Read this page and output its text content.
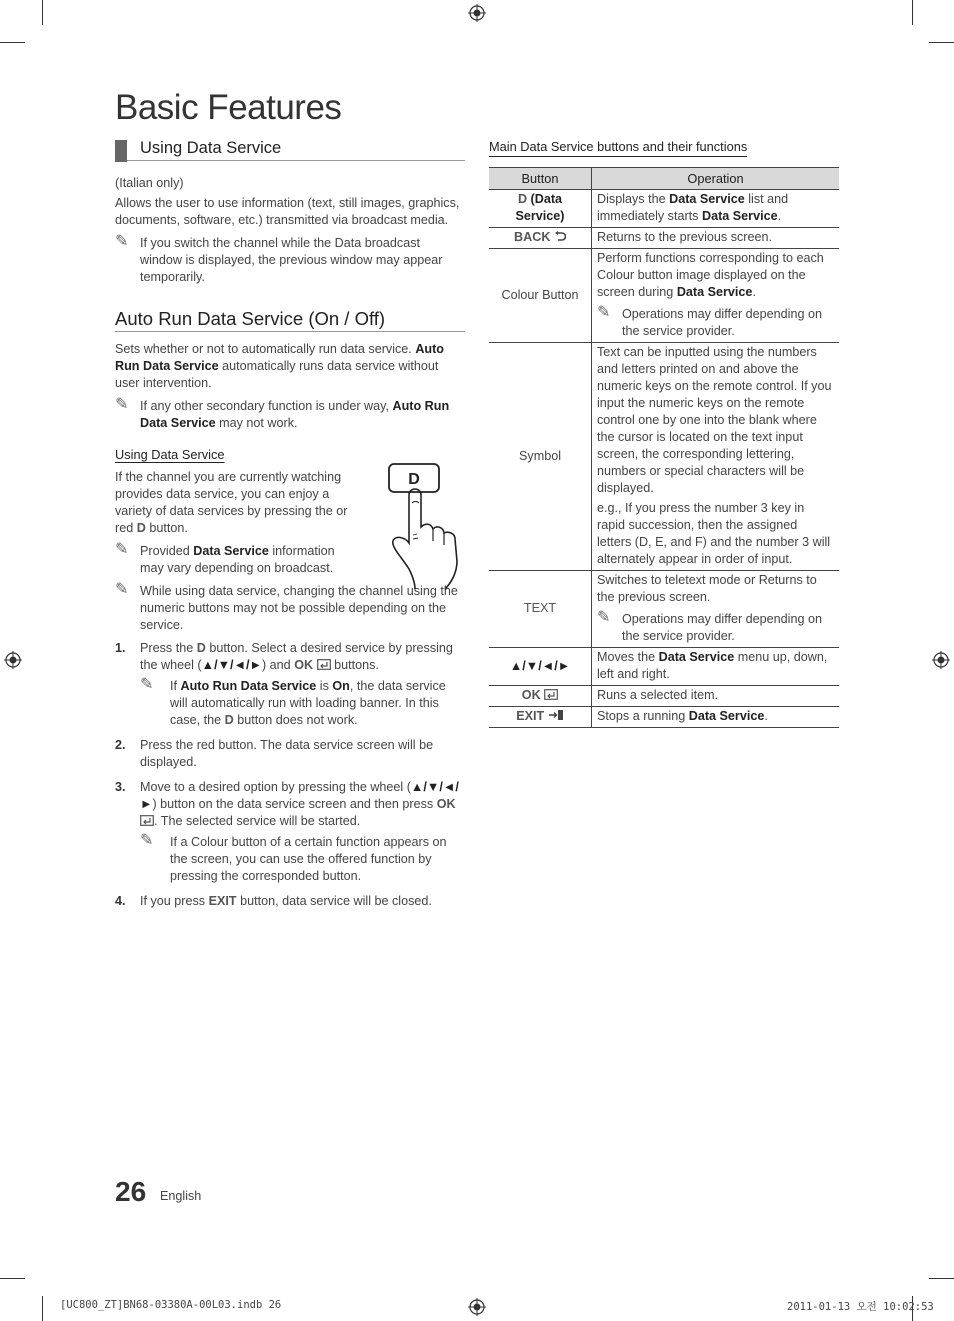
Basic Features
Using Data Service

(Italian only)

Allows the user to use information (text, still images, graphics, documents, software, etc.) transmitted via broadcast media.

✎ If you switch the channel while the Data broadcast window is displayed, the previous window may appear temporarily.
Auto Run Data Service (On / Off)

Sets whether or not to automatically run data service. Auto Run Data Service automatically runs data service without user intervention.

✎ If any other secondary function is under way, Auto Run Data Service may not work.
Using Data Service

If the channel you are currently watching provides data service, you can enjoy a variety of data services by pressing the or red D button.

✎ Provided Data Service information may vary depending on broadcast.
✎ While using data service, changing the channel using the numeric buttons may not be possible depending on the service.
D
1. Press the D button. Select a desired service by pressing the wheel (▲/▼/◄/►) and OK buttons.
✎ If Auto Run Data Service is On, the data service will automatically run with loading banner. In this case, the D button does not work.
2. Press the red button. The data service screen will be displayed.
3. Move to a desired option by pressing the wheel (▲/▼/◄/►) button on the data service screen and then press OK . The selected service will be started.
✎ If a Colour button of a certain function appears on the screen, you can use the offered function by pressing the corresponded button.
4. If you press EXIT button, data service will be closed.
Main Data Service buttons and their functions
Button	Operation
D (Data Service)	Displays the Data Service list and immediately starts Data Service.
BACK	Returns to the previous screen.
Colour Button	Perform functions corresponding to each Colour button image displayed on the screen during Data Service.
✎ Operations may differ depending on the service provider.

Symbol	Text can be inputted using the numbers and letters printed on and above the numeric keys on the remote control. If you input the numeric keys on the remote control one by one into the blank where the cursor is located on the text input screen, the corresponding lettering, numbers or special characters will be displayed.
e.g., If you press the number 3 key in rapid succession, then the assigned letters (D, E, and F) and the number 3 will alternately appear in order of input.

TEXT	Switches to teletext mode or Returns to the previous screen.
✎ Operations may differ depending on the service provider.

▲/▼/◄/►	Moves the Data Service menu up, down, left and right.
OK	Runs a selected item.
EXIT	Stops a running Data Service.
26 English
[UC800_ZT]BN68-03380A-00L03.indb 26	2011-01-13 오전 10:02:53
